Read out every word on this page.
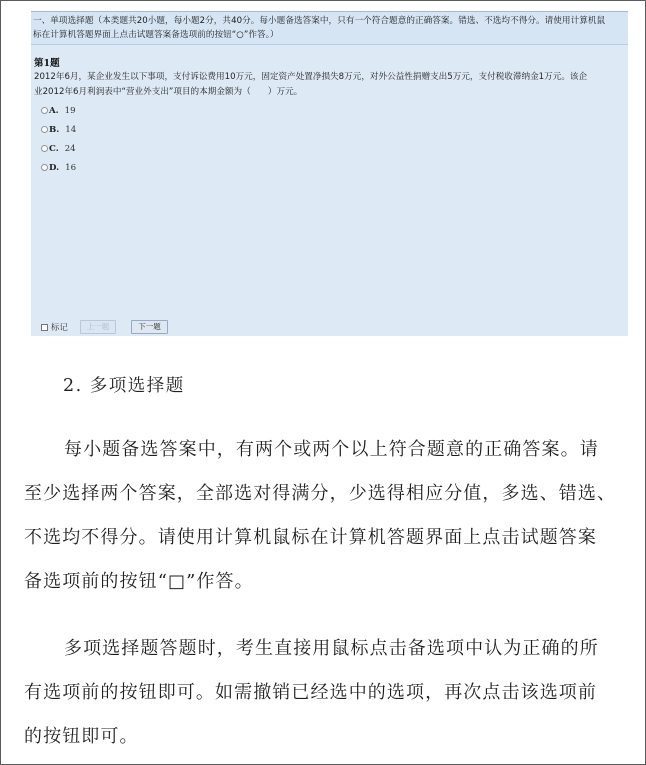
一、单项选择题（本类题共20小题，每小题2分，共40分。每小题备选答案中，只有一个符合题意的正确答案。错选、不选均不得分。请使用计算机鼠
标在计算机答题界面上点击试题答案备选项前的按钮“○”作答。）
第1题
2012年6月，某企业发生以下事项，支付诉讼费用10万元，固定资产处置净损失8万元，对外公益性捐赠支出5万元，支付税收滞纳金1万元。该企
业2012年6月利润表中“营业外支出”项目的本期金额为（　　）万元。
A. 19
B. 14
C. 24
D. 16
标记	上一题	下一题
2. 多项选择题
每小题备选答案中，有两个或两个以上符合题意的正确答案。请
至少选择两个答案，全部选对得满分，少选得相应分值，多选、错选、
不选均不得分。请使用计算机鼠标在计算机答题界面上点击试题答案
备选项前的按钮“□”作答。
多项选择题答题时，考生直接用鼠标点击备选项中认为正确的所
有选项前的按钮即可。如需撤销已经选中的选项，再次点击该选项前
的按钮即可。
